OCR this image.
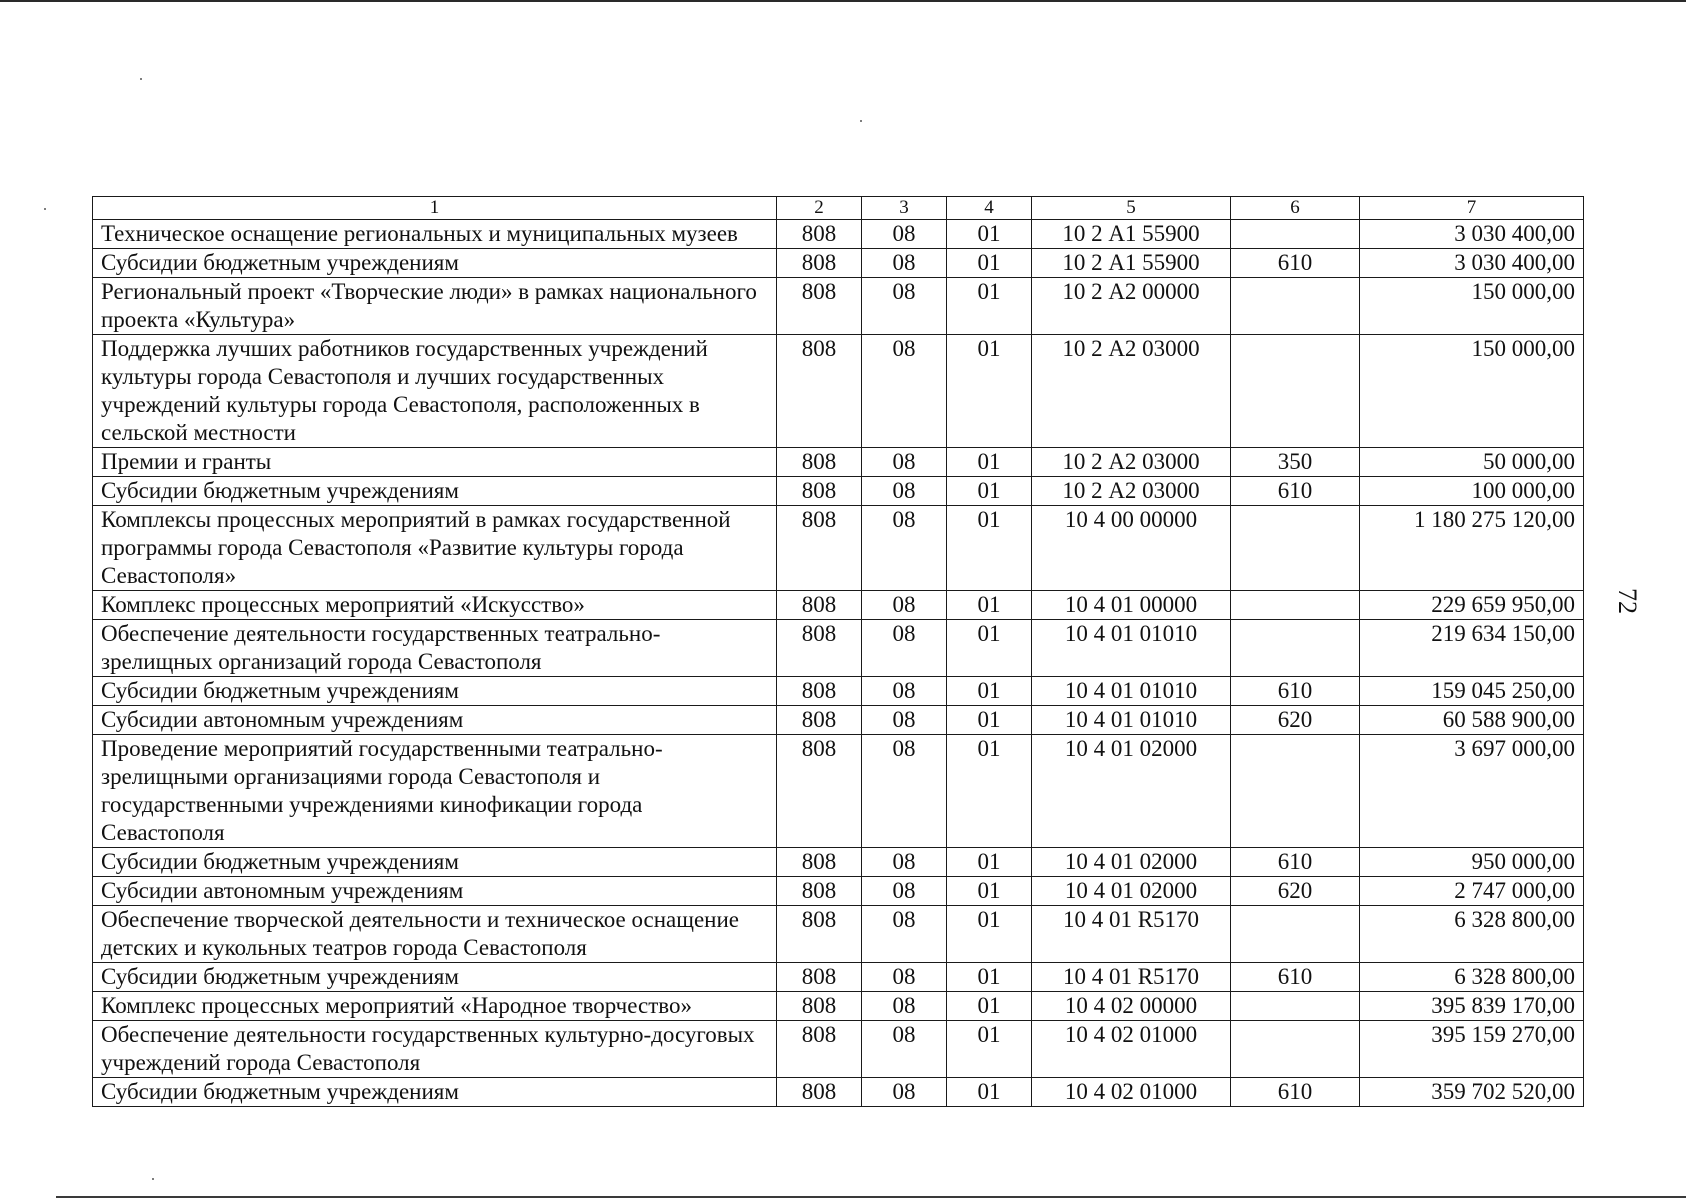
72
1	2	3	4	5	6	7
Техническое оснащение региональных и муниципальных музеев	808	08	01	10 2 А1 55900		3 030 400,00
Субсидии бюджетным учреждениям	808	08	01	10 2 А1 55900	610	3 030 400,00
Региональный проект «Творческие люди» в рамках национального проекта «Культура»	808	08	01	10 2 А2 00000		150 000,00
Поддержка лучших работников государственных учреждений культуры города Севастополя и лучших государственных учреждений культуры города Севастополя, расположенных в сельской местности	808	08	01	10 2 А2 03000		150 000,00
Премии и гранты	808	08	01	10 2 А2 03000	350	50 000,00
Субсидии бюджетным учреждениям	808	08	01	10 2 А2 03000	610	100 000,00
Комплексы процессных мероприятий в рамках государственной программы города Севастополя «Развитие культуры города Севастополя»	808	08	01	10 4 00 00000		1 180 275 120,00
Комплекс процессных мероприятий «Искусство»	808	08	01	10 4 01 00000		229 659 950,00
Обеспечение деятельности государственных театрально-зрелищных организаций города Севастополя	808	08	01	10 4 01 01010		219 634 150,00
Субсидии бюджетным учреждениям	808	08	01	10 4 01 01010	610	159 045 250,00
Субсидии автономным учреждениям	808	08	01	10 4 01 01010	620	60 588 900,00
Проведение мероприятий государственными театрально-зрелищными организациями города Севастополя и государственными учреждениями кинофикации города Севастополя	808	08	01	10 4 01 02000		3 697 000,00
Субсидии бюджетным учреждениям	808	08	01	10 4 01 02000	610	950 000,00
Субсидии автономным учреждениям	808	08	01	10 4 01 02000	620	2 747 000,00
Обеспечение творческой деятельности и техническое оснащение детских и кукольных театров города Севастополя	808	08	01	10 4 01 R5170		6 328 800,00
Субсидии бюджетным учреждениям	808	08	01	10 4 01 R5170	610	6 328 800,00
Комплекс процессных мероприятий «Народное творчество»	808	08	01	10 4 02 00000		395 839 170,00
Обеспечение деятельности государственных культурно-досуговых учреждений города Севастополя	808	08	01	10 4 02 01000		395 159 270,00
Субсидии бюджетным учреждениям	808	08	01	10 4 02 01000	610	359 702 520,00
